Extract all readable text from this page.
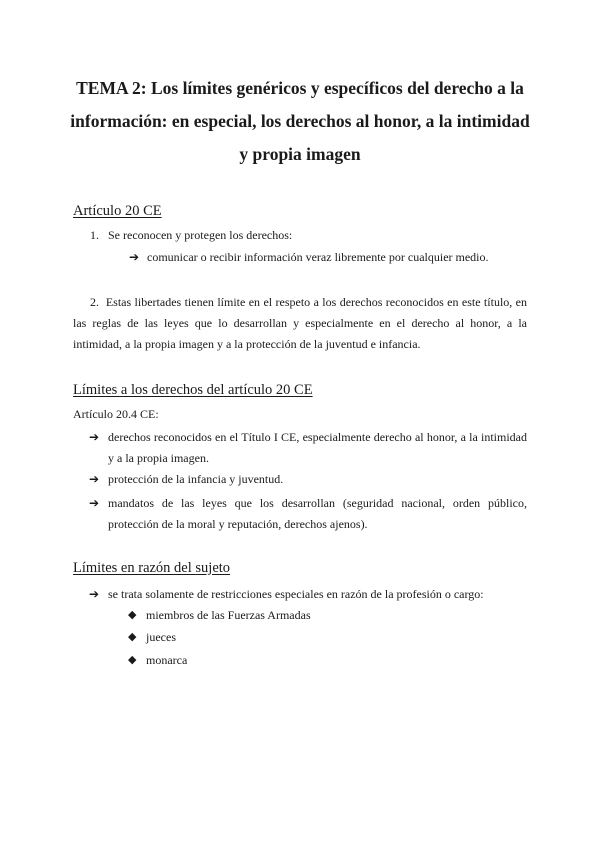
TEMA 2: Los límites genéricos y específicos del derecho a la información: en especial, los derechos al honor, a la intimidad y propia imagen
Artículo 20 CE
1. Se reconocen y protegen los derechos:
➔ comunicar o recibir información veraz libremente por cualquier medio.
2. Estas libertades tienen límite en el respeto a los derechos reconocidos en este título, en las reglas de las leyes que lo desarrollan y especialmente en el derecho al honor, a la intimidad, a la propia imagen y a la protección de la juventud e infancia.
Límites a los derechos del artículo 20 CE
Artículo 20.4 CE:
➔ derechos reconocidos en el Título I CE, especialmente derecho al honor, a la intimidad y a la propia imagen.
➔ protección de la infancia y juventud.
➔ mandatos de las leyes que los desarrollan (seguridad nacional, orden público, protección de la moral y reputación, derechos ajenos).
Límites en razón del sujeto
➔ se trata solamente de restricciones especiales en razón de la profesión o cargo:
◆ miembros de las Fuerzas Armadas
◆ jueces
◆ monarca
